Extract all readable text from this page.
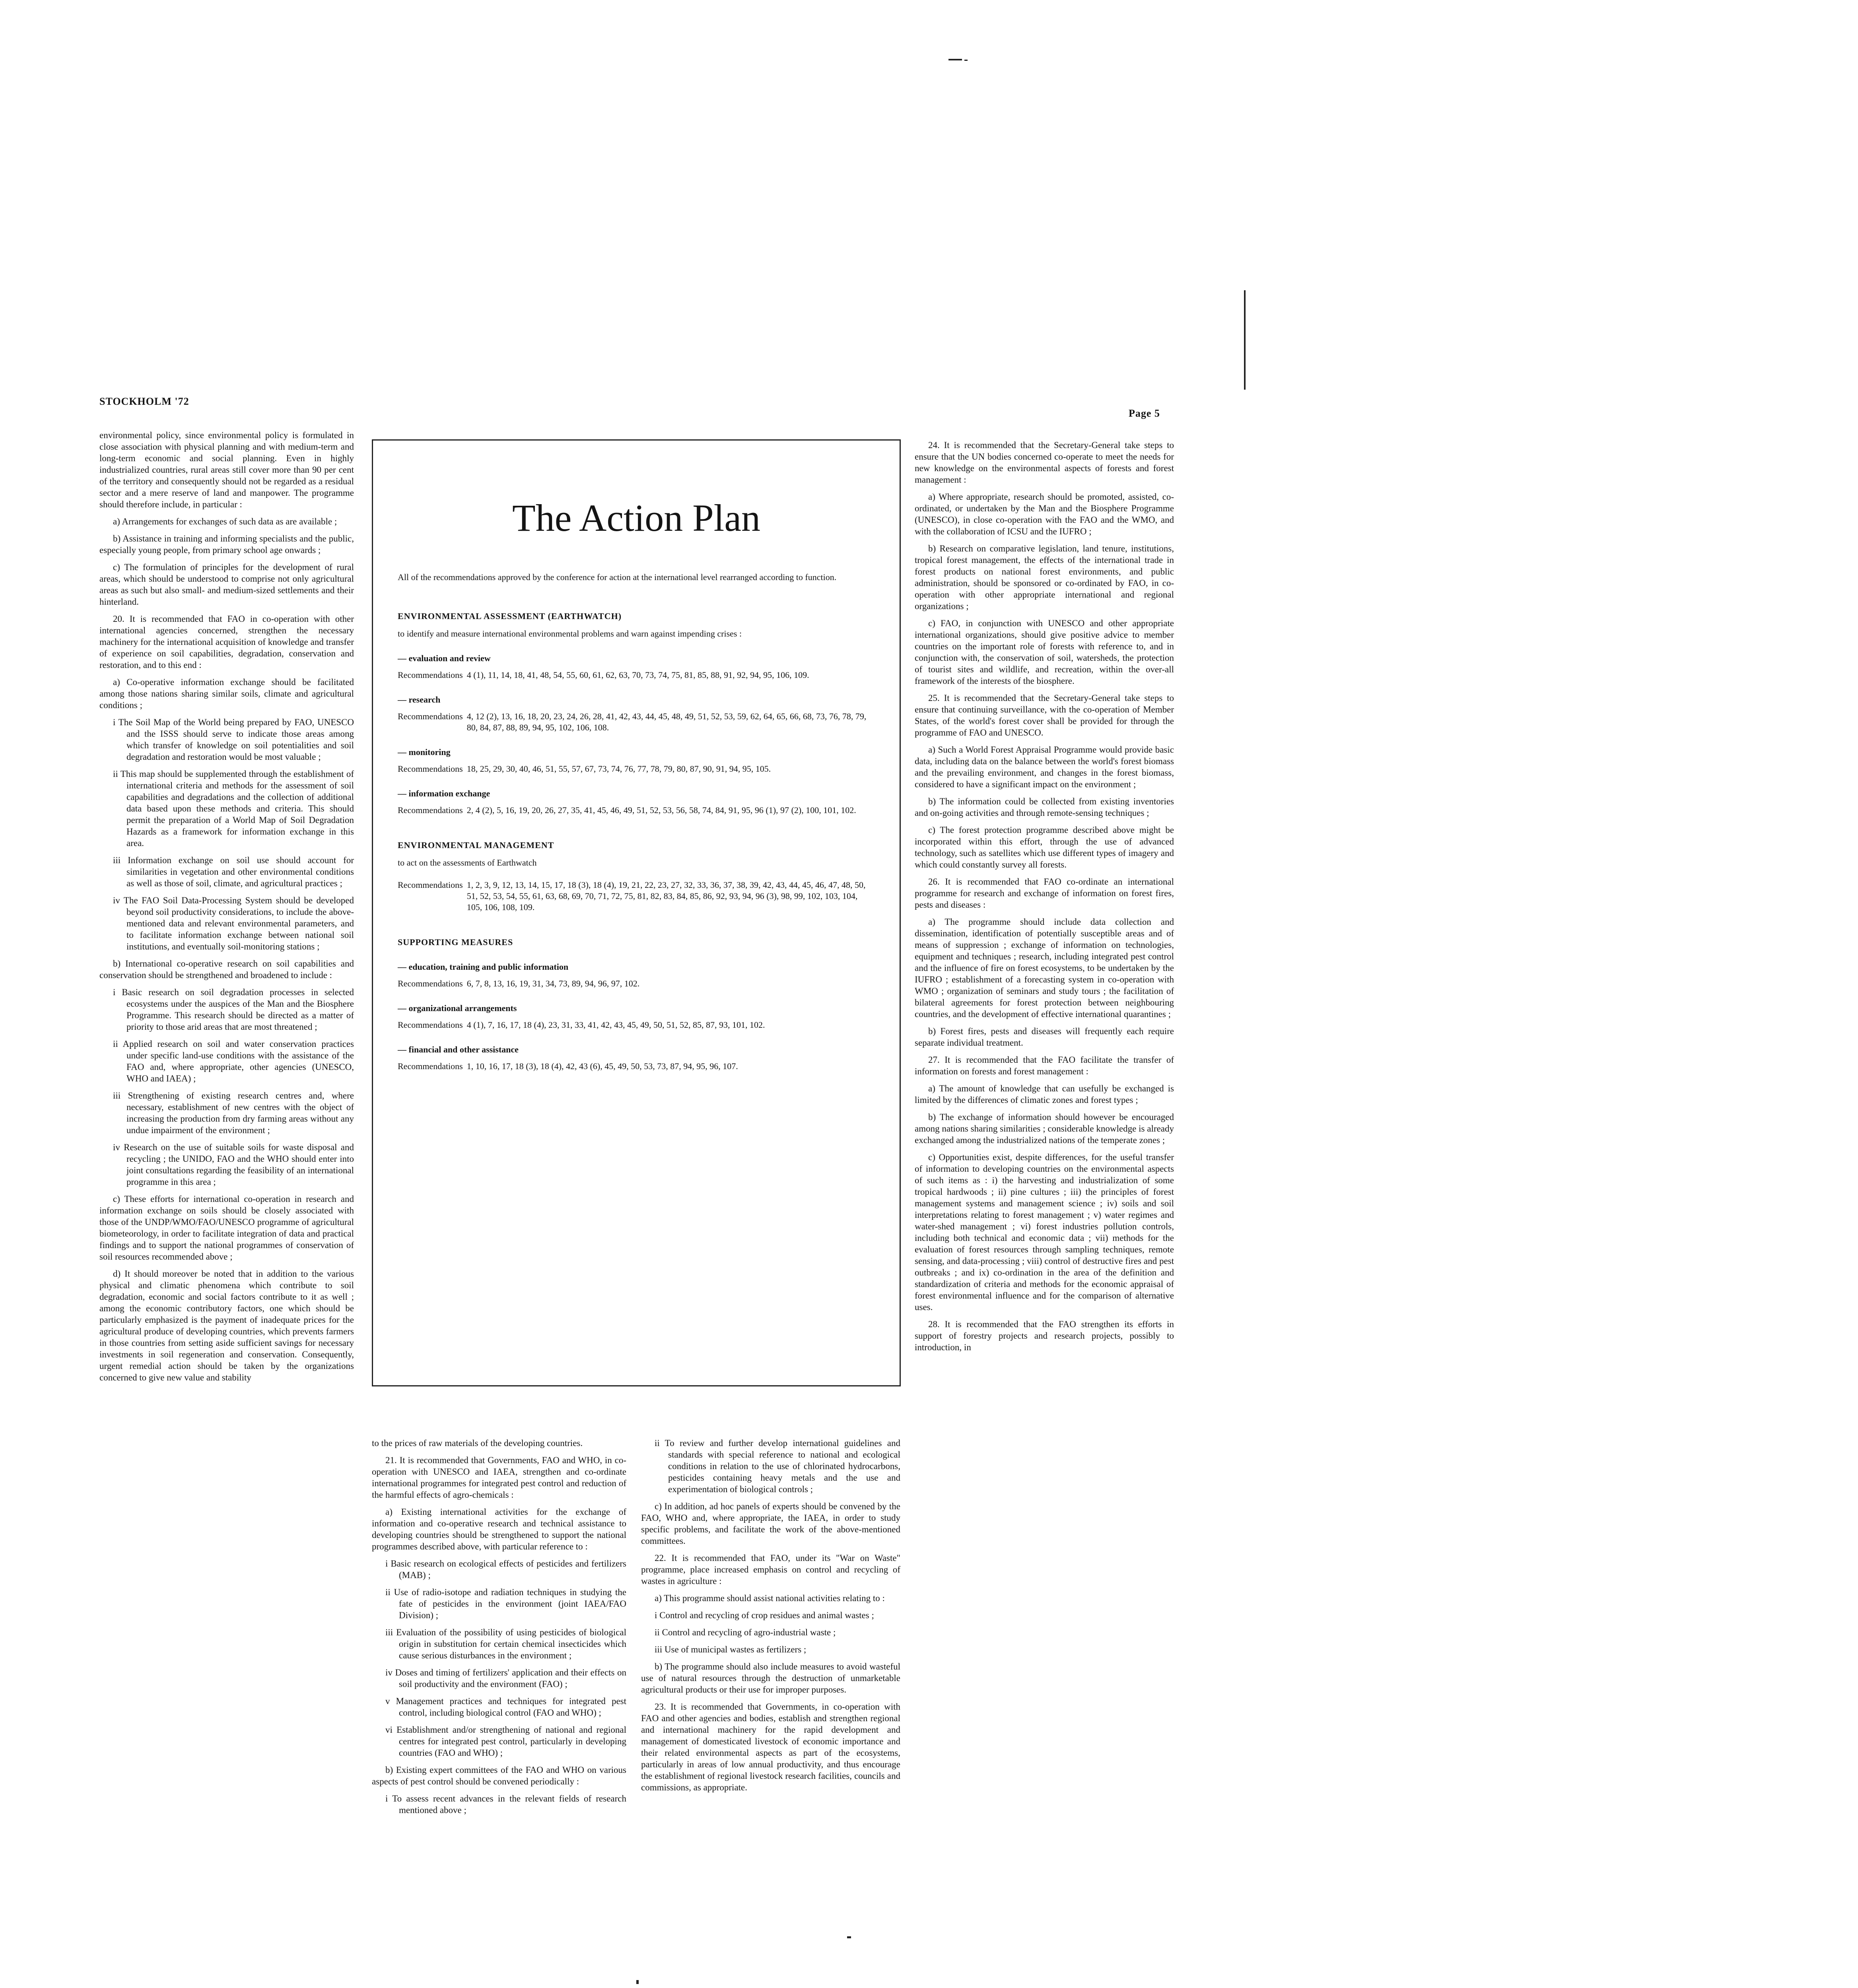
STOCKHOLM '72
Page 5

environmental policy, since environmental policy is formulated in close association with physical planning and with medium-term and long-term economic and social planning. Even in highly industrialized countries, rural areas still cover more than 90 per cent of the territory and consequently should not be regarded as a residual sector and a mere reserve of land and manpower. The programme should therefore include, in particular :

a) Arrangements for exchanges of such data as are available ;

b) Assistance in training and informing specialists and the public, especially young people, from primary school age onwards ;

c) The formulation of principles for the development of rural areas, which should be understood to comprise not only agricultural areas as such but also small- and medium-sized settlements and their hinterland.

20. It is recommended that FAO in co-operation with other international agencies concerned, strengthen the necessary machinery for the international acquisition of knowledge and transfer of experience on soil capabilities, degradation, conservation and restoration, and to this end :

a) Co-operative information exchange should be facilitated among those nations sharing similar soils, climate and agricultural conditions ;

i The Soil Map of the World being prepared by FAO, UNESCO and the ISSS should serve to indicate those areas among which transfer of knowledge on soil potentialities and soil degradation and restoration would be most valuable ;

ii This map should be supplemented through the establishment of international criteria and methods for the assessment of soil capabilities and degradations and the collection of additional data based upon these methods and criteria. This should permit the preparation of a World Map of Soil Degradation Hazards as a framework for information exchange in this area.

iii Information exchange on soil use should account for similarities in vegetation and other environmental conditions as well as those of soil, climate, and agricultural practices ;

iv The FAO Soil Data-Processing System should be developed beyond soil productivity considerations, to include the above-mentioned data and relevant environmental parameters, and to facilitate information exchange between national soil institutions, and eventually soil-monitoring stations ;

b) International co-operative research on soil capabilities and conservation should be strengthened and broadened to include :

i Basic research on soil degradation processes in selected ecosystems under the auspices of the Man and the Biosphere Programme. This research should be directed as a matter of priority to those arid areas that are most threatened ;

ii Applied research on soil and water conservation practices under specific land-use conditions with the assistance of the FAO and, where appropriate, other agencies (UNESCO, WHO and IAEA) ;

iii Strengthening of existing research centres and, where necessary, establishment of new centres with the object of increasing the production from dry farming areas without any undue impairment of the environment ;

iv Research on the use of suitable soils for waste disposal and recycling ; the UNIDO, FAO and the WHO should enter into joint consultations regarding the feasibility of an international programme in this area ;

c) These efforts for international co-operation in research and information exchange on soils should be closely associated with those of the UNDP/WMO/FAO/UNESCO programme of agricultural biometeorology, in order to facilitate integration of data and practical findings and to support the national programmes of conservation of soil resources recommended above ;

d) It should moreover be noted that in addition to the various physical and climatic phenomena which contribute to soil degradation, economic and social factors contribute to it as well ; among the economic contributory factors, one which should be particularly emphasized is the payment of inadequate prices for the agricultural produce of developing countries, which prevents farmers in those countries from setting aside sufficient savings for necessary investments in soil regeneration and conservation. Consequently, urgent remedial action should be taken by the organizations concerned to give new value and stability

The Action Plan
All of the recommendations approved by the conference for action at the international level rearranged according to function.
ENVIRONMENTAL ASSESSMENT (EARTHWATCH)
to identify and measure international environmental problems and warn against impending crises :
— evaluation and review
Recommendations 4 (1), 11, 14, 18, 41, 48, 54, 55, 60, 61, 62, 63, 70, 73, 74, 75, 81, 85, 88, 91, 92, 94, 95, 106, 109.
— research
Recommendations 4, 12 (2), 13, 16, 18, 20, 23, 24, 26, 28, 41, 42, 43, 44, 45, 48, 49, 51, 52, 53, 59, 62, 64, 65, 66, 68, 73, 76, 78, 79, 80, 84, 87, 88, 89, 94, 95, 102, 106, 108.
— monitoring
Recommendations 18, 25, 29, 30, 40, 46, 51, 55, 57, 67, 73, 74, 76, 77, 78, 79, 80, 87, 90, 91, 94, 95, 105.
— information exchange
Recommendations 2, 4 (2), 5, 16, 19, 20, 26, 27, 35, 41, 45, 46, 49, 51, 52, 53, 56, 58, 74, 84, 91, 95, 96 (1), 97 (2), 100, 101, 102.
ENVIRONMENTAL MANAGEMENT
to act on the assessments of Earthwatch
Recommendations 1, 2, 3, 9, 12, 13, 14, 15, 17, 18 (3), 18 (4), 19, 21, 22, 23, 27, 32, 33, 36, 37, 38, 39, 42, 43, 44, 45, 46, 47, 48, 50, 51, 52, 53, 54, 55, 61, 63, 68, 69, 70, 71, 72, 75, 81, 82, 83, 84, 85, 86, 92, 93, 94, 96 (3), 98, 99, 102, 103, 104, 105, 106, 108, 109.
SUPPORTING MEASURES
— education, training and public information
Recommendations 6, 7, 8, 13, 16, 19, 31, 34, 73, 89, 94, 96, 97, 102.
— organizational arrangements
Recommendations 4 (1), 7, 16, 17, 18 (4), 23, 31, 33, 41, 42, 43, 45, 49, 50, 51, 52, 85, 87, 93, 101, 102.
— financial and other assistance
Recommendations 1, 10, 16, 17, 18 (3), 18 (4), 42, 43 (6), 45, 49, 50, 53, 73, 87, 94, 95, 96, 107.

to the prices of raw materials of the developing countries.

21. It is recommended that Governments, FAO and WHO, in co-operation with UNESCO and IAEA, strengthen and co-ordinate international programmes for integrated pest control and reduction of the harmful effects of agro-chemicals :

a) Existing international activities for the exchange of information and co-operative research and technical assistance to developing countries should be strengthened to support the national programmes described above, with particular reference to :

i Basic research on ecological effects of pesticides and fertilizers (MAB) ;

ii Use of radio-isotope and radiation techniques in studying the fate of pesticides in the environment (joint IAEA/FAO Division) ;

iii Evaluation of the possibility of using pesticides of biological origin in substitution for certain chemical insecticides which cause serious disturbances in the environment ;

iv Doses and timing of fertilizers' application and their effects on soil productivity and the environment (FAO) ;

v Management practices and techniques for integrated pest control, including biological control (FAO and WHO) ;

vi Establishment and/or strengthening of national and regional centres for integrated pest control, particularly in developing countries (FAO and WHO) ;

b) Existing expert committees of the FAO and WHO on various aspects of pest control should be convened periodically :

i To assess recent advances in the relevant fields of research mentioned above ;

ii To review and further develop international guidelines and standards with special reference to national and ecological conditions in relation to the use of chlorinated hydrocarbons, pesticides containing heavy metals and the use and experimentation of biological controls ;

c) In addition, ad hoc panels of experts should be convened by the FAO, WHO and, where appropriate, the IAEA, in order to study specific problems, and facilitate the work of the above-mentioned committees.

22. It is recommended that FAO, under its "War on Waste" programme, place increased emphasis on control and recycling of wastes in agriculture :

a) This programme should assist national activities relating to :

i Control and recycling of crop residues and animal wastes ;

ii Control and recycling of agro-industrial waste ;

iii Use of municipal wastes as fertilizers ;

b) The programme should also include measures to avoid wasteful use of natural resources through the destruction of unmarketable agricultural products or their use for improper purposes.

23. It is recommended that Governments, in co-operation with FAO and other agencies and bodies, establish and strengthen regional and international machinery for the rapid development and management of domesticated livestock of economic importance and their related environmental aspects as part of the ecosystems, particularly in areas of low annual productivity, and thus encourage the establishment of regional livestock research facilities, councils and commissions, as appropriate.

24. It is recommended that the Secretary-General take steps to ensure that the UN bodies concerned co-operate to meet the needs for new knowledge on the environmental aspects of forests and forest management :

a) Where appropriate, research should be promoted, assisted, co-ordinated, or undertaken by the Man and the Biosphere Programme (UNESCO), in close co-operation with the FAO and the WMO, and with the collaboration of ICSU and the IUFRO ;

b) Research on comparative legislation, land tenure, institutions, tropical forest management, the effects of the international trade in forest products on national forest environments, and public administration, should be sponsored or co-ordinated by FAO, in co-operation with other appropriate international and regional organizations ;

c) FAO, in conjunction with UNESCO and other appropriate international organizations, should give positive advice to member countries on the important role of forests with reference to, and in conjunction with, the conservation of soil, watersheds, the protection of tourist sites and wildlife, and recreation, within the over-all framework of the interests of the biosphere.

25. It is recommended that the Secretary-General take steps to ensure that continuing surveillance, with the co-operation of Member States, of the world's forest cover shall be provided for through the programme of FAO and UNESCO.

a) Such a World Forest Appraisal Programme would provide basic data, including data on the balance between the world's forest biomass and the prevailing environment, and changes in the forest biomass, considered to have a significant impact on the environment ;

b) The information could be collected from existing inventories and on-going activities and through remote-sensing techniques ;

c) The forest protection programme described above might be incorporated within this effort, through the use of advanced technology, such as satellites which use different types of imagery and which could constantly survey all forests.

26. It is recommended that FAO co-ordinate an international programme for research and exchange of information on forest fires, pests and diseases :

a) The programme should include data collection and dissemination, identification of potentially susceptible areas and of means of suppression ; exchange of information on technologies, equipment and techniques ; research, including integrated pest control and the influence of fire on forest ecosystems, to be undertaken by the IUFRO ; establishment of a forecasting system in co-operation with WMO ; organization of seminars and study tours ; the facilitation of bilateral agreements for forest protection between neighbouring countries, and the development of effective international quarantines ;

b) Forest fires, pests and diseases will frequently each require separate individual treatment.

27. It is recommended that the FAO facilitate the transfer of information on forests and forest management :

a) The amount of knowledge that can usefully be exchanged is limited by the differences of climatic zones and forest types ;

b) The exchange of information should however be encouraged among nations sharing similarities ; considerable knowledge is already exchanged among the industrialized nations of the temperate zones ;

c) Opportunities exist, despite differences, for the useful transfer of information to developing countries on the environmental aspects of such items as : i) the harvesting and industrialization of some tropical hardwoods ; ii) pine cultures ; iii) the principles of forest management systems and management science ; iv) soils and soil interpretations relating to forest management ; v) water regimes and water-shed management ; vi) forest industries pollution controls, including both technical and economic data ; vii) methods for the evaluation of forest resources through sampling techniques, remote sensing, and data-processing ; viii) control of destructive fires and pest outbreaks ; and ix) co-ordination in the area of the definition and standardization of criteria and methods for the economic appraisal of forest environmental influence and for the comparison of alternative uses.

28. It is recommended that the FAO strengthen its efforts in support of forestry projects and research projects, possibly to introduction, in
